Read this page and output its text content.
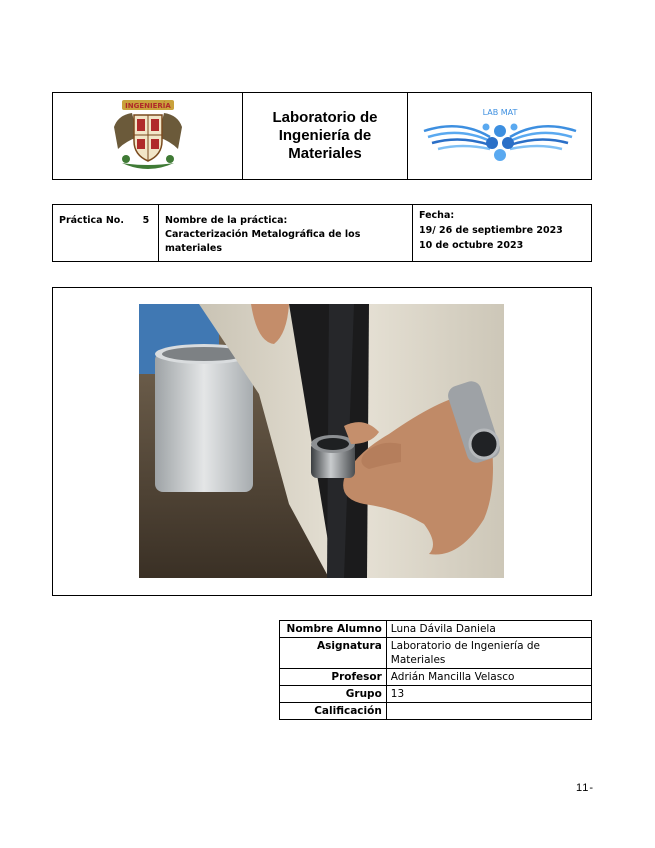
INGENIERÍA
Laboratorio de
Ingeniería de
Materiales
LAB MAT
Práctica No. 5	Nombre de la práctica:
Caracterización Metalográfica de los materiales
Fecha:
19/ 26 de septiembre 2023
10 de octubre 2023
Nombre Alumno	Luna Dávila Daniela
Asignatura	Laboratorio de Ingeniería de Materiales
Profesor	Adrián Mancilla Velasco
Grupo	13
Calificación	
11-
